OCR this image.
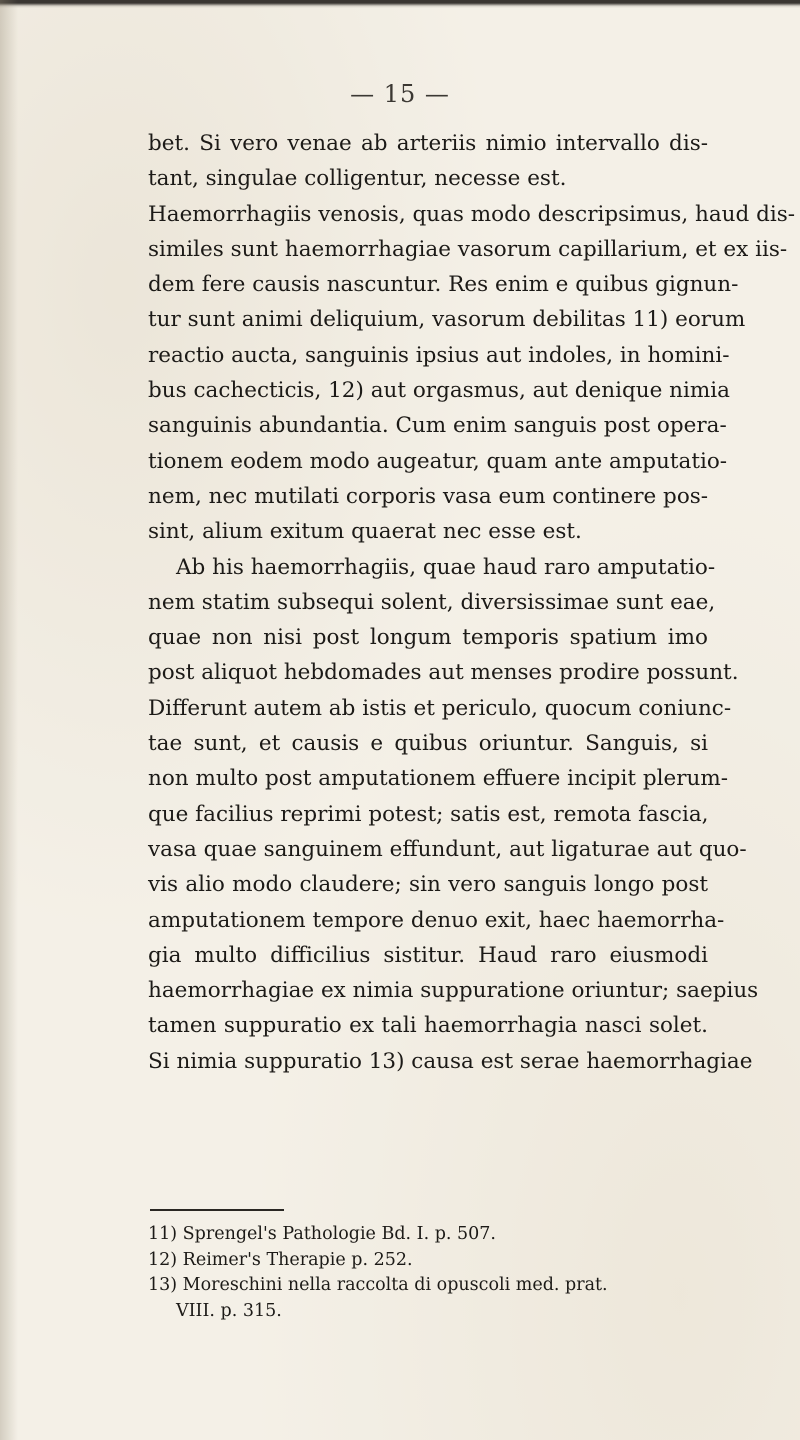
— 15 —
bet. Si vero venae ab arteriis nimio intervallo dis-
tant, singulae colligentur, necesse est.
Haemorrhagiis venosis, quas modo descripsimus, haud dis-
similes sunt haemorrhagiae vasorum capillarium, et ex iis-
dem fere causis nascuntur. Res enim e quibus gignun-
tur sunt animi deliquium, vasorum debilitas 11) eorum
reactio aucta, sanguinis ipsius aut indoles, in homini-
bus cachecticis, 12) aut orgasmus, aut denique nimia
sanguinis abundantia. Cum enim sanguis post opera-
tionem eodem modo augeatur, quam ante amputatio-
nem, nec mutilati corporis vasa eum continere pos-
sint, alium exitum quaerat nec esse est.
Ab his haemorrhagiis, quae haud raro amputatio-
nem statim subsequi solent, diversissimae sunt eae,
quae non nisi post longum temporis spatium imo
post aliquot hebdomades aut menses prodire possunt.
Differunt autem ab istis et periculo, quocum coniunc-
tae sunt, et causis e quibus oriuntur. Sanguis, si
non multo post amputationem effuere incipit plerum-
que facilius reprimi potest; satis est, remota fascia,
vasa quae sanguinem effundunt, aut ligaturae aut quo-
vis alio modo claudere; sin vero sanguis longo post
amputationem tempore denuo exit, haec haemorrha-
gia multo difficilius sistitur. Haud raro eiusmodi
haemorrhagiae ex nimia suppuratione oriuntur; saepius
tamen suppuratio ex tali haemorrhagia nasci solet.
Si nimia suppuratio 13) causa est serae haemorrhagiae
11) Sprengel's Pathologie Bd. I. p. 507.
12) Reimer's Therapie p. 252.
13) Moreschini nella raccolta di opuscoli med. prat.
VIII. p. 315.
